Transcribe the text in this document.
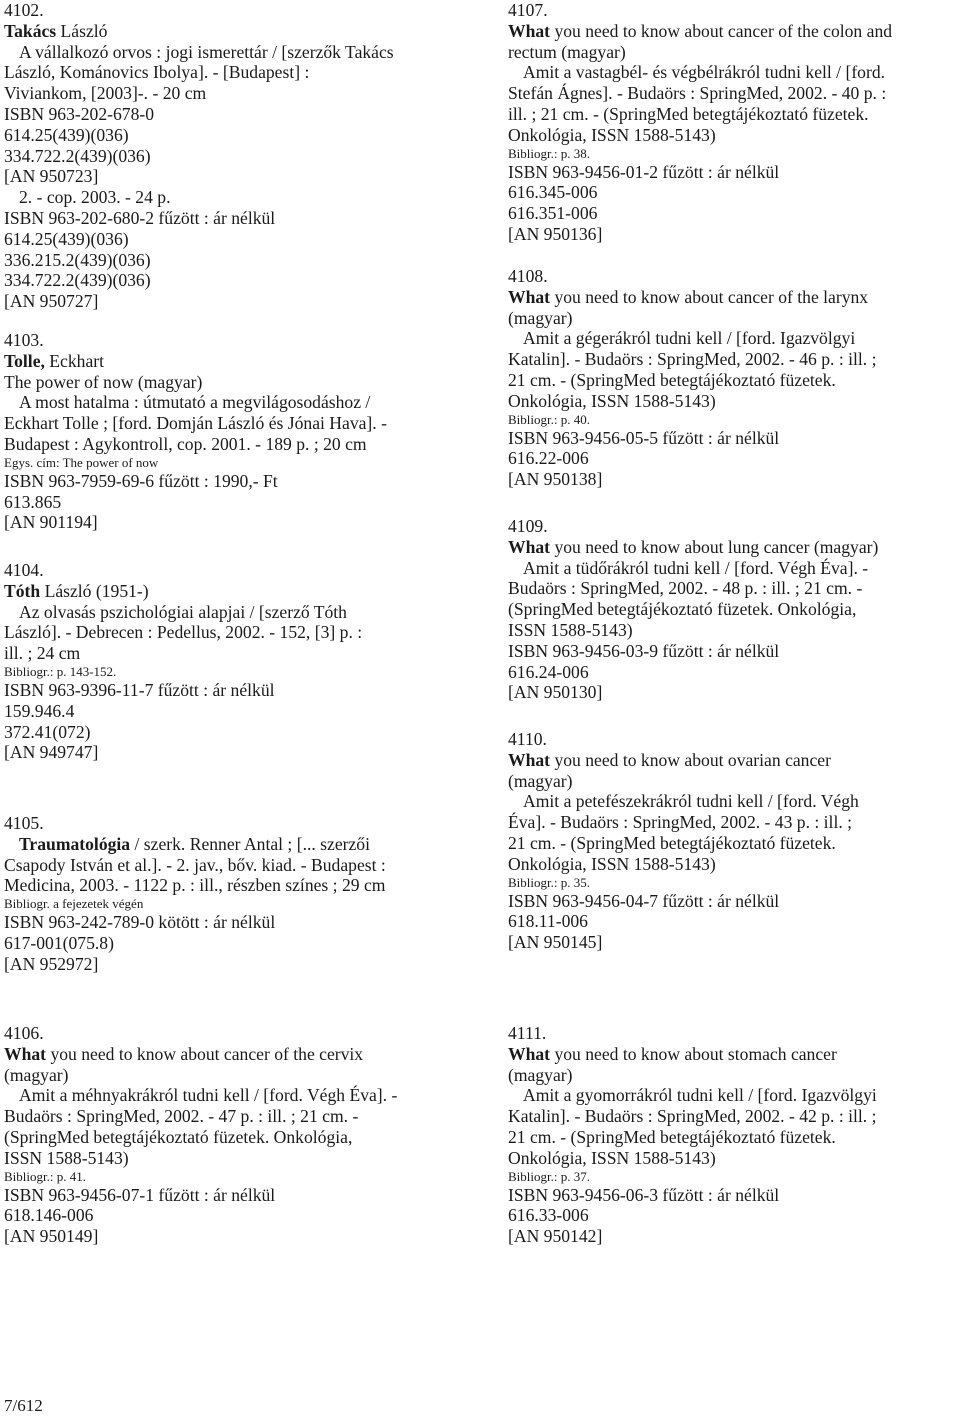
4102.
Takács László
A vállalkozó orvos : jogi ismerettár / [szerzők Takács
László, Kománovics Ibolya]. - [Budapest] :
Viviankom, [2003]-. - 20 cm
ISBN 963-202-678-0
614.25(439)(036)
334.722.2(439)(036)
[AN 950723]
2. - cop. 2003. - 24 p.
ISBN 963-202-680-2 fűzött : ár nélkül
614.25(439)(036)
336.215.2(439)(036)
334.722.2(439)(036)
[AN 950727]
4103.
Tolle, Eckhart
The power of now (magyar)
A most hatalma : útmutató a megvilágosodáshoz /
Eckhart Tolle ; [ford. Domján László és Jónai Hava]. -
Budapest : Agykontroll, cop. 2001. - 189 p. ; 20 cm
Egys. cím: The power of now
ISBN 963-7959-69-6 fűzött : 1990,- Ft
613.865
[AN 901194]
4104.
Tóth László (1951-)
Az olvasás pszichológiai alapjai / [szerző Tóth
László]. - Debrecen : Pedellus, 2002. - 152, [3] p. :
ill. ; 24 cm
Bibliogr.: p. 143-152.
ISBN 963-9396-11-7 fűzött : ár nélkül
159.946.4
372.41(072)
[AN 949747]
4105.
Traumatológia / szerk. Renner Antal ; [... szerzői
Csapody István et al.]. - 2. jav., bőv. kiad. - Budapest :
Medicina, 2003. - 1122 p. : ill., részben színes ; 29 cm
Bibliogr. a fejezetek végén
ISBN 963-242-789-0 kötött : ár nélkül
617-001(075.8)
[AN 952972]
4106.
What you need to know about cancer of the cervix
(magyar)
Amit a méhnyakrákról tudni kell / [ford. Végh Éva]. -
Budaörs : SpringMed, 2002. - 47 p. : ill. ; 21 cm. -
(SpringMed betegtájékoztató füzetek. Onkológia,
ISSN 1588-5143)
Bibliogr.: p. 41.
ISBN 963-9456-07-1 fűzött : ár nélkül
618.146-006
[AN 950149]
4107.
What you need to know about cancer of the colon and
rectum (magyar)
Amit a vastagbél- és végbélrákról tudni kell / [ford.
Stefán Ágnes]. - Budaörs : SpringMed, 2002. - 40 p. :
ill. ; 21 cm. - (SpringMed betegtájékoztató füzetek.
Onkológia, ISSN 1588-5143)
Bibliogr.: p. 38.
ISBN 963-9456-01-2 fűzött : ár nélkül
616.345-006
616.351-006
[AN 950136]
4108.
What you need to know about cancer of the larynx
(magyar)
Amit a gégerákról tudni kell / [ford. Igazvölgyi
Katalin]. - Budaörs : SpringMed, 2002. - 46 p. : ill. ;
21 cm. - (SpringMed betegtájékoztató füzetek.
Onkológia, ISSN 1588-5143)
Bibliogr.: p. 40.
ISBN 963-9456-05-5 fűzött : ár nélkül
616.22-006
[AN 950138]
4109.
What you need to know about lung cancer (magyar)
Amit a tüdőrákról tudni kell / [ford. Végh Éva]. -
Budaörs : SpringMed, 2002. - 48 p. : ill. ; 21 cm. -
(SpringMed betegtájékoztató füzetek. Onkológia,
ISSN 1588-5143)
ISBN 963-9456-03-9 fűzött : ár nélkül
616.24-006
[AN 950130]
4110.
What you need to know about ovarian cancer
(magyar)
Amit a petefészekrákról tudni kell / [ford. Végh
Éva]. - Budaörs : SpringMed, 2002. - 43 p. : ill. ;
21 cm. - (SpringMed betegtájékoztató füzetek.
Onkológia, ISSN 1588-5143)
Bibliogr.: p. 35.
ISBN 963-9456-04-7 fűzött : ár nélkül
618.11-006
[AN 950145]
4111.
What you need to know about stomach cancer
(magyar)
Amit a gyomorrákról tudni kell / [ford. Igazvölgyi
Katalin]. - Budaörs : SpringMed, 2002. - 42 p. : ill. ;
21 cm. - (SpringMed betegtájékoztató füzetek.
Onkológia, ISSN 1588-5143)
Bibliogr.: p. 37.
ISBN 963-9456-06-3 fűzött : ár nélkül
616.33-006
[AN 950142]
7/612
